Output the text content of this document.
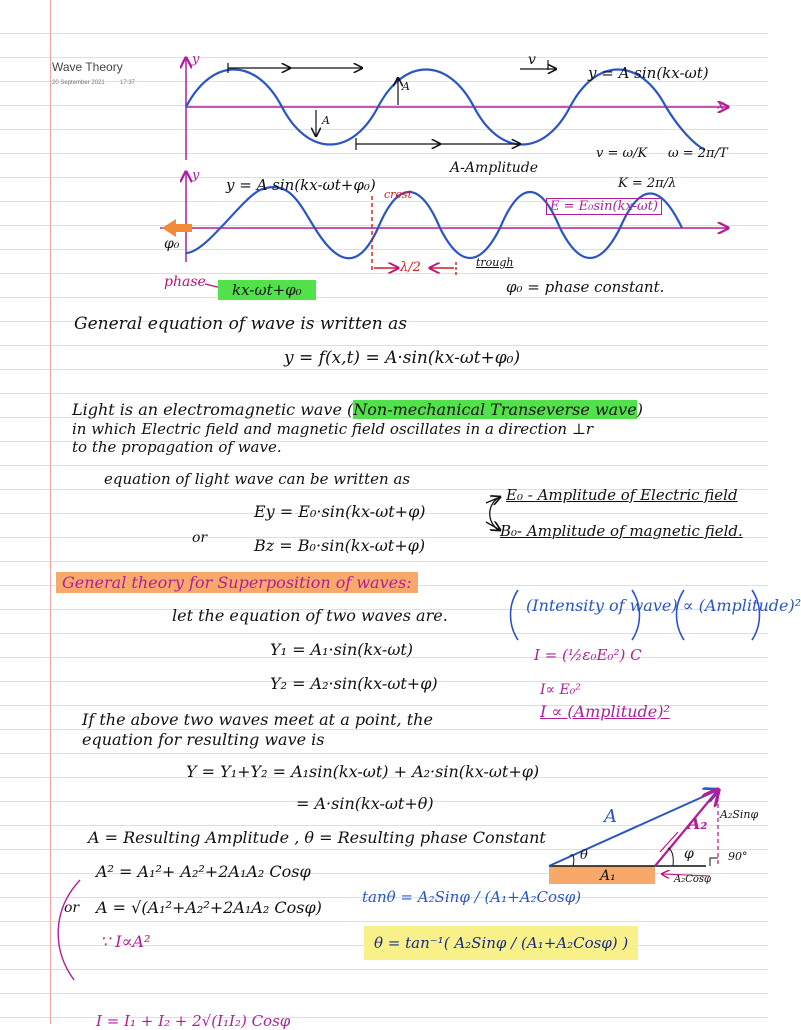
Wave Theory
20 September 2021	17:37
y
x
y = A sin(kx-ωt)
v
A
A
A-Amplitude
v = ω/K ω = 2π/T
K = 2π/λ
y
y = A sin(kx-ωt+φ₀)
crest
φ₀
E = E₀sin(kx-ωt)
phase	kx-ωt+φ₀
λ/2	trough
φ₀ = phase constant.
General equation of wave is written as
y = f(x,t) = A·sin(kx-ωt+φ₀)
Light is an electromagnetic wave (Non-mechanical Transeverse wave)
in which Electric field and magnetic field oscillates in a direction ⊥r
to the propagation of wave.
equation of light wave can be written as
Ey = E₀·sin(kx-ωt+φ)
or	Bz = B₀·sin(kx-ωt+φ)
E₀ - Amplitude of Electric field
B₀- Amplitude of magnetic field.
General theory for Superposition of waves:
let the equation of two waves are.
Y₁ = A₁·sin(kx-ωt)
Y₂ = A₂·sin(kx-ωt+φ)
If the above two waves meet at a point, the
equation for resulting wave is
Y = Y₁+Y₂ = A₁sin(kx-ωt) + A₂·sin(kx-ωt+φ)
= A·sin(kx-ωt+θ)
A = Resulting Amplitude , θ = Resulting phase Constant
A² = A₁²+ A₂²+2A₁A₂ Cosφ
or A = √(A₁²+A₂²+2A₁A₂ Cosφ)
∵ I∝A²
I = I₁ + I₂ + 2√(I₁I₂) Cosφ
(Intensity of wave) ∝ (Amplitude)²
I = (½ε₀E₀²) C
I∝ E₀²
I ∝ (Amplitude)²
tanθ = A₂Sinφ / (A₁+A₂Cosφ)
θ = tan⁻¹( A₂Sinφ / (A₁+A₂Cosφ) )
A	A₂
A₁
θ	φ	90°
A₂Sinφ
A₂Cosφ
